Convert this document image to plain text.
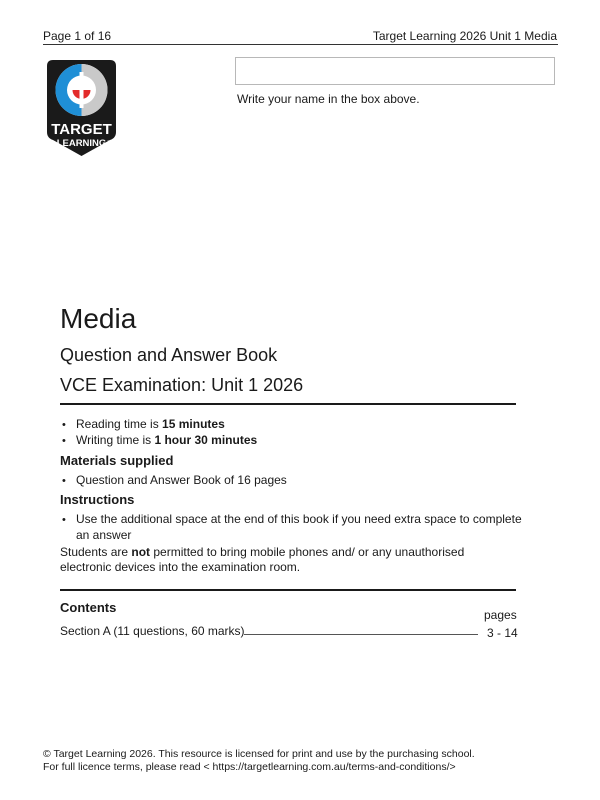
Page 1 of 16	Target Learning 2026 Unit 1 Media
TARGET
LEARNING ™
Write your name in the box above.
Media
Question and Answer Book
VCE Examination: Unit 1 2026
• Reading time is 15 minutes
• Writing time is 1 hour 30 minutes
Materials supplied
• Question and Answer Book of 16 pages
Instructions
• Use the additional space at the end of this book if you need extra space to complete
an answer
Students are not permitted to bring mobile phones and/ or any unauthorised electronic devices into the examination room.
Contents	pages
Section A (11 questions, 60 marks)	3 - 14
© Target Learning 2026. This resource is licensed for print and use by the purchasing school.
For full licence terms, please read < https://targetlearning.com.au/terms-and-conditions/>
